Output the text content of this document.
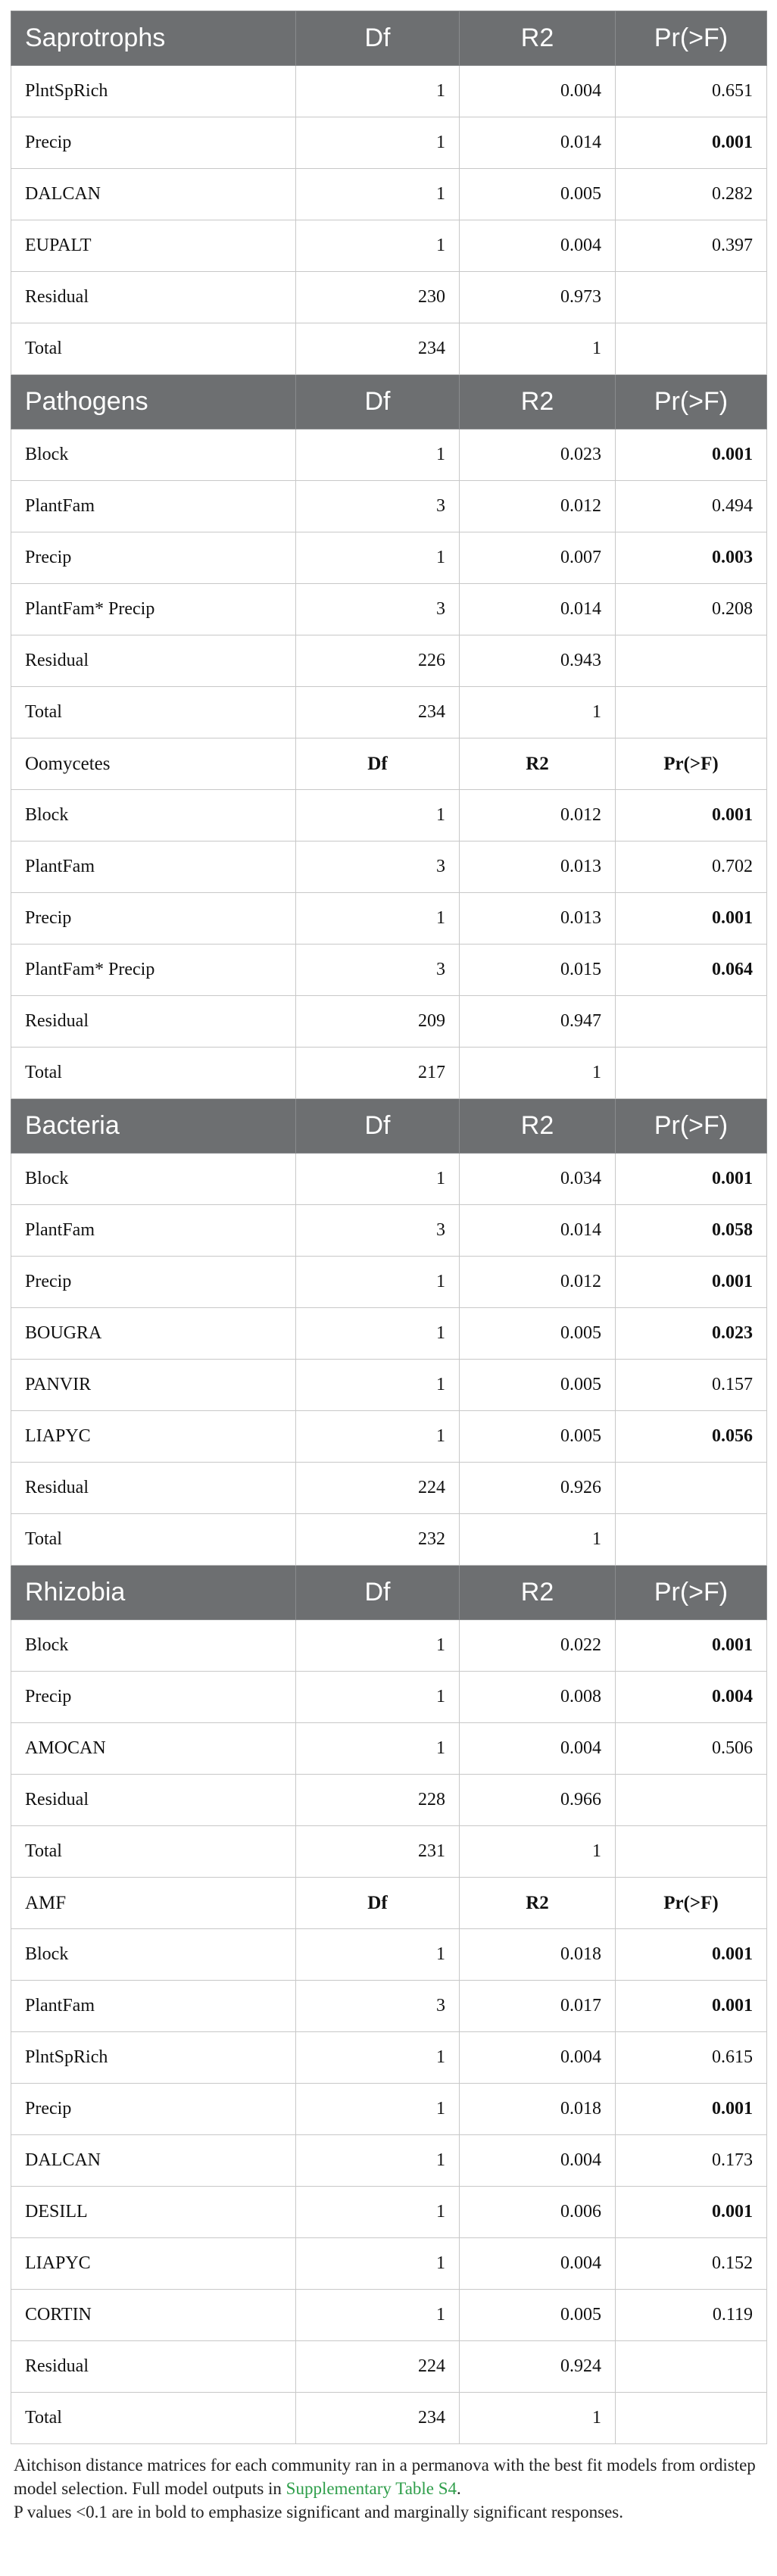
Saprotrophs	Df	R2	Pr(>F)
PlntSpRich	1	0.004	0.651
Precip	1	0.014	0.001
DALCAN	1	0.005	0.282
EUPALT	1	0.004	0.397
Residual	230	0.973	
Total	234	1	
Pathogens	Df	R2	Pr(>F)
Block	1	0.023	0.001
PlantFam	3	0.012	0.494
Precip	1	0.007	0.003
PlantFam* Precip	3	0.014	0.208
Residual	226	0.943	
Total	234	1	
Oomycetes	Df	R2	Pr(>F)
Block	1	0.012	0.001
PlantFam	3	0.013	0.702
Precip	1	0.013	0.001
PlantFam* Precip	3	0.015	0.064
Residual	209	0.947	
Total	217	1	
Bacteria	Df	R2	Pr(>F)
Block	1	0.034	0.001
PlantFam	3	0.014	0.058
Precip	1	0.012	0.001
BOUGRA	1	0.005	0.023
PANVIR	1	0.005	0.157
LIAPYC	1	0.005	0.056
Residual	224	0.926	
Total	232	1	
Rhizobia	Df	R2	Pr(>F)
Block	1	0.022	0.001
Precip	1	0.008	0.004
AMOCAN	1	0.004	0.506
Residual	228	0.966	
Total	231	1	
AMF	Df	R2	Pr(>F)
Block	1	0.018	0.001
PlantFam	3	0.017	0.001
PlntSpRich	1	0.004	0.615
Precip	1	0.018	0.001
DALCAN	1	0.004	0.173
DESILL	1	0.006	0.001
LIAPYC	1	0.004	0.152
CORTIN	1	0.005	0.119
Residual	224	0.924	
Total	234	1	
Aitchison distance matrices for each community ran in a permanova with the best fit models from ordistep model selection. Full model outputs in Supplementary Table S4.
P values <0.1 are in bold to emphasize significant and marginally significant responses.
